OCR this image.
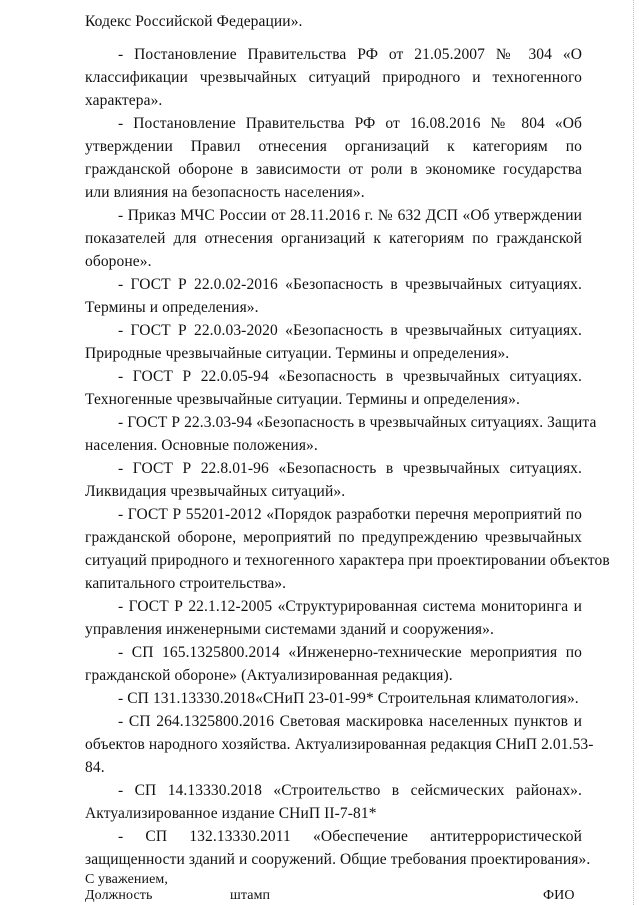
Кодекс Российской Федерации».
- Постановление Правительства РФ от 21.05.2007 № 304 «О
классификации чрезвычайных ситуаций природного и техногенного
характера».
- Постановление Правительства РФ от 16.08.2016 № 804 «Об
утверждении Правил отнесения организаций к категориям по
гражданской обороне в зависимости от роли в экономике государства
или влияния на безопасность населения».
- Приказ МЧС России от 28.11.2016 г. № 632 ДСП «Об утверждении
показателей для отнесения организаций к категориям по гражданской
обороне».
- ГОСТ Р 22.0.02-2016 «Безопасность в чрезвычайных ситуациях.
Термины и определения».
- ГОСТ Р 22.0.03-2020 «Безопасность в чрезвычайных ситуациях.
Природные чрезвычайные ситуации. Термины и определения».
- ГОСТ Р 22.0.05-94 «Безопасность в чрезвычайных ситуациях.
Техногенные чрезвычайные ситуации. Термины и определения».
- ГОСТ Р 22.3.03-94 «Безопасность в чрезвычайных ситуациях. Защита
населения. Основные положения».
- ГОСТ Р 22.8.01-96 «Безопасность в чрезвычайных ситуациях.
Ликвидация чрезвычайных ситуаций».
- ГОСТ Р 55201-2012 «Порядок разработки перечня мероприятий по
гражданской обороне, мероприятий по предупреждению чрезвычайных
ситуаций природного и техногенного характера при проектировании объектов
капитального строительства».
- ГОСТ Р 22.1.12-2005 «Структурированная система мониторинга и
управления инженерными системами зданий и сооружения».
- СП 165.1325800.2014 «Инженерно-технические мероприятия по
гражданской обороне» (Актуализированная редакция).
- СП 131.13330.2018«СНиП 23-01-99* Строительная климатология».
- СП 264.1325800.2016 Световая маскировка населенных пунктов и
объектов народного хозяйства. Актуализированная редакция СНиП 2.01.53-
84.
- СП 14.13330.2018 «Строительство в сейсмических районах».
Актуализированное издание СНиП II-7-81*
- СП 132.13330.2011 «Обеспечение антитеррористической
защищенности зданий и сооружений. Общие требования проектирования».
С уважением,
Должность	штамп	ФИО
